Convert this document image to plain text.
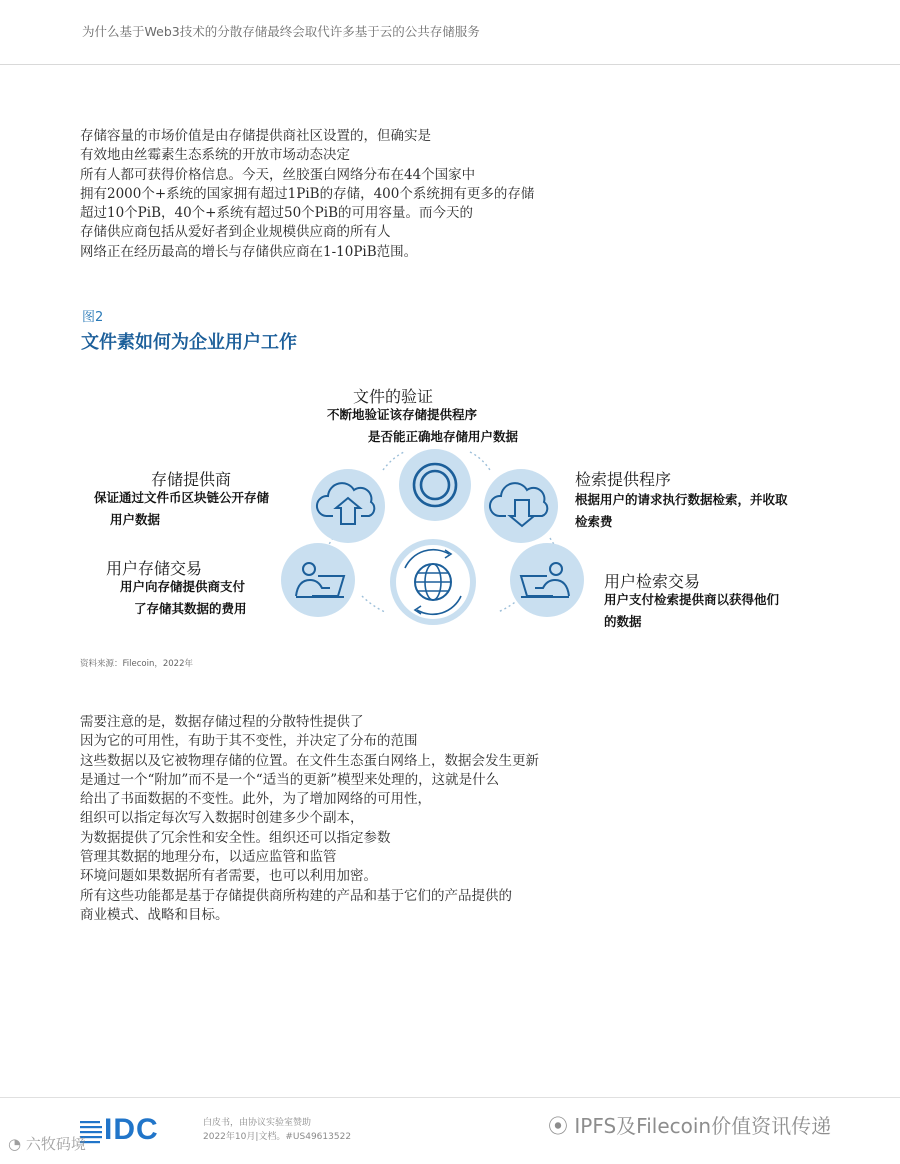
为什么基于Web3技术的分散存储最终会取代许多基于云的公共存储服务

存储容量的市场价值是由存储提供商社区设置的，但确实是
有效地由丝霉素生态系统的开放市场动态决定
所有人都可获得价格信息。今天，丝胶蛋白网络分布在44个国家中
拥有2000个+系统的国家拥有超过1PiB的存储，400个系统拥有更多的存储
超过10个PiB，40个+系统有超过50个PiB的可用容量。而今天的
存储供应商包括从爱好者到企业规模供应商的所有人
网络正在经历最高的增长与存储供应商在1-10PiB范围。

图2
文件素如何为企业用户工作
文件的验证
不断地验证该存储提供程序
是否能正确地存储用户数据
存储提供商
保证通过文件币区块链公开存储
用户数据
检索提供程序
根据用户的请求执行数据检索，并收取
检索费
用户存储交易
用户向存储提供商支付
了存储其数据的费用
用户检索交易
用户支付检索提供商以获得他们
的数据
资料来源：Filecoin，2022年

需要注意的是，数据存储过程的分散特性提供了
因为它的可用性，有助于其不变性，并决定了分布的范围
这些数据以及它被物理存储的位置。在文件生态蛋白网络上，数据会发生更新
是通过一个“附加”而不是一个“适当的更新”模型来处理的，这就是什么
给出了书面数据的不变性。此外，为了增加网络的可用性，
组织可以指定每次写入数据时创建多少个副本，
为数据提供了冗余性和安全性。组织还可以指定参数
管理其数据的地理分布，以适应监管和监管
环境问题如果数据所有者需要，也可以利用加密。
所有这些功能都是基于存储提供商所构建的产品和基于它们的产品提供的
商业模式、战略和目标。

IDC	白皮书，由协议实验室赞助
2022年10月|文档。#US49613522	⦿ IPFS及Filecoin价值资讯传递
◔ 六牧码境
